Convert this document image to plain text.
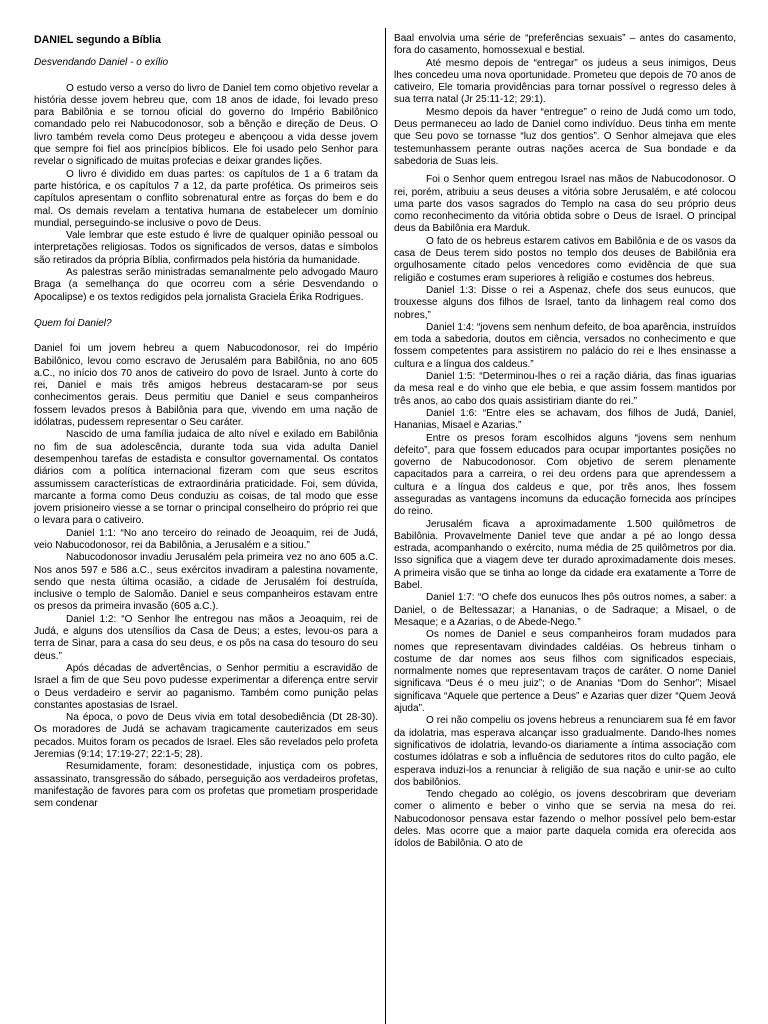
DANIEL segundo a Bíblia
Desvendando Daniel - o exílio

O estudo verso a verso do livro de Daniel tem como objetivo revelar a história desse jovem hebreu que, com 18 anos de idade, foi levado preso para Babilônia e se tornou oficial do governo do Império Babilônico comandado pelo rei Nabucodonosor, sob a bênção e direção de Deus. O livro também revela como Deus protegeu e abençoou a vida desse jovem que sempre foi fiel aos princípios bíblicos. Ele foi usado pelo Senhor para revelar o significado de muitas profecias e deixar grandes lições.

O livro é dividido em duas partes: os capítulos de 1 a 6 tratam da parte histórica, e os capítulos 7 a 12, da parte profética. Os primeiros seis capítulos apresentam o conflito sobrenatural entre as forças do bem e do mal. Os demais revelam a tentativa humana de estabelecer um domínio mundial, perseguindo-se inclusive o povo de Deus.

Vale lembrar que este estudo é livre de qualquer opinião pessoal ou interpretações religiosas. Todos os significados de versos, datas e símbolos são retirados da própria Bíblia, confirmados pela história da humanidade.

As palestras serão ministradas semanalmente pelo advogado Mauro Braga (a semelhança do que ocorreu com a série Desvendando o Apocalipse) e os textos redigidos pela jornalista Graciela Érika Rodrigues.

Quem foi Daniel?

Daniel foi um jovem hebreu a quem Nabucodonosor, rei do Império Babilônico, levou como escravo de Jerusalém para Babilônia, no ano 605 a.C., no início dos 70 anos de cativeiro do povo de Israel. Junto à corte do rei, Daniel e mais três amigos hebreus destacaram-se por seus conhecimentos gerais. Deus permitiu que Daniel e seus companheiros fossem levados presos à Babilônia para que, vivendo em uma nação de idólatras, pudessem representar o Seu caráter.

Nascido de uma família judaica de alto nível e exilado em Babilônia no fim de sua adolescência, durante toda sua vida adulta Daniel desempenhou tarefas de estadista e consultor governamental. Os contatos diários com a política internacional fizeram com que seus escritos assumissem características de extraordinária praticidade. Foi, sem dúvida, marcante a forma como Deus conduziu as coisas, de tal modo que esse jovem prisioneiro viesse a se tornar o principal conselheiro do próprio rei que o levara para o cativeiro.

Daniel 1:1: “No ano terceiro do reinado de Jeoaquim, rei de Judá, veio Nabucodonosor, rei da Babilônia, a Jerusalém e a sitiou.”

Nabucodonosor invadiu Jerusalém pela primeira vez no ano 605 a.C. Nos anos 597 e 586 a.C., seus exércitos invadiram a palestina novamente, sendo que nesta última ocasião, a cidade de Jerusalém foi destruída, inclusive o templo de Salomão. Daniel e seus companheiros estavam entre os presos da primeira invasão (605 a.C.).

Daniel 1:2: “O Senhor lhe entregou nas mãos a Jeoaquim, rei de Judá, e alguns dos utensílios da Casa de Deus; a estes, levou-os para a terra de Sinar, para a casa do seu deus, e os pôs na casa do tesouro do seu deus.”

Após décadas de advertências, o Senhor permitiu a escravidão de Israel a fim de que Seu povo pudesse experimentar a diferença entre servir o Deus verdadeiro e servir ao paganismo. Também como punição pelas constantes apostasias de Israel.

Na época, o povo de Deus vivia em total desobediência (Dt 28-30). Os moradores de Judá se achavam tragicamente cauterizados em seus pecados. Muitos foram os pecados de Israel. Eles são revelados pelo profeta Jeremias (9:14; 17:19-27; 22:1-5; 28).

Resumidamente, foram: desonestidade, injustiça com os pobres, assassinato, transgressão do sábado, perseguição aos verdadeiros profetas, manifestação de favores para com os profetas que prometiam prosperidade sem condenar

Baal envolvia uma série de “preferências sexuais” – antes do casamento, fora do casamento, homossexual e bestial.

Até mesmo depois de “entregar” os judeus a seus inimigos, Deus lhes concedeu uma nova oportunidade. Prometeu que depois de 70 anos de cativeiro, Ele tomaria providências para tornar possível o regresso deles à sua terra natal (Jr 25:11-12; 29:1).

Mesmo depois da haver “entregue” o reino de Judá como um todo, Deus permaneceu ao lado de Daniel como indivíduo. Deus tinha em mente que Seu povo se tornasse “luz dos gentios”. O Senhor almejava que eles testemunhassem perante outras nações acerca de Sua bondade e da sabedoria de Suas leis.

Foi o Senhor quem entregou Israel nas mãos de Nabucodonosor. O rei, porém, atribuiu a seus deuses a vitória sobre Jerusalém, e até colocou uma parte dos vasos sagrados do Templo na casa do seu próprio deus como reconhecimento da vitória obtida sobre o Deus de Israel. O principal deus da Babilônia era Marduk.

O fato de os hebreus estarem cativos em Babilônia e de os vasos da casa de Deus terem sido postos no templo dos deuses de Babilônia era orgulhosamente citado pelos vencedores como evidência de que sua religião e costumes eram superiores à religião e costumes dos hebreus.

Daniel 1:3: Disse o rei a Aspenaz, chefe dos seus eunucos, que trouxesse alguns dos filhos de Israel, tanto da linhagem real como dos nobres,”

Daniel 1:4: “jovens sem nenhum defeito, de boa aparência, instruídos em toda a sabedoria, doutos em ciência, versados no conhecimento e que fossem competentes para assistirem no palácio do rei e lhes ensinasse a cultura e a língua dos caldeus.”

Daniel 1:5: “Determinou-lhes o rei a ração diária, das finas iguarias da mesa real e do vinho que ele bebia, e que assim fossem mantidos por três anos, ao cabo dos quais assistiriam diante do rei.”

Daniel 1:6: “Entre eles se achavam, dos filhos de Judá, Daniel, Hananias, Misael e Azarias.”

Entre os presos foram escolhidos alguns “jovens sem nenhum defeito”, para que fossem educados para ocupar importantes posições no governo de Nabucodonosor. Com objetivo de serem plenamente capacitados para a carreira, o rei deu ordens para que aprendessem a cultura e a língua dos caldeus e que, por três anos, lhes fossem asseguradas as vantagens incomuns da educação fornecida aos príncipes do reino.

Jerusalém ficava a aproximadamente 1.500 quilômetros de Babilônia. Provavelmente Daniel teve que andar a pé ao longo dessa estrada, acompanhando o exército, numa média de 25 quilômetros por dia. Isso significa que a viagem deve ter durado aproximadamente dois meses. A primeira visão que se tinha ao longe da cidade era exatamente a Torre de Babel.

Daniel 1:7: “O chefe dos eunucos lhes pôs outros nomes, a saber: a Daniel, o de Beltessazar; a Hananias, o de Sadraque; a Misael, o de Mesaque; e a Azarias, o de Abede-Nego.”

Os nomes de Daniel e seus companheiros foram mudados para nomes que representavam divindades caldéias. Os hebreus tinham o costume de dar nomes aos seus filhos com significados especiais, normalmente nomes que representavam traços de caráter. O nome Daniel significava “Deus é o meu juiz”; o de Ananias “Dom do Senhor”; Misael significava “Aquele que pertence a Deus” e Azarias quer dizer “Quem Jeová ajuda”.

O rei não compeliu os jovens hebreus a renunciarem sua fé em favor da idolatria, mas esperava alcançar isso gradualmente. Dando-lhes nomes significativos de idolatria, levando-os diariamente a íntima associação com costumes idólatras e sob a influência de sedutores ritos do culto pagão, ele esperava induzi-los a renunciar à religião de sua nação e unir-se ao culto dos babilônios.

Tendo chegado ao colégio, os jovens descobriram que deveriam comer o alimento e beber o vinho que se servia na mesa do rei. Nabucodonosor pensava estar fazendo o melhor possível pelo bem-estar deles. Mas ocorre que a maior parte daquela comida era oferecida aos ídolos de Babilônia. O ato de
